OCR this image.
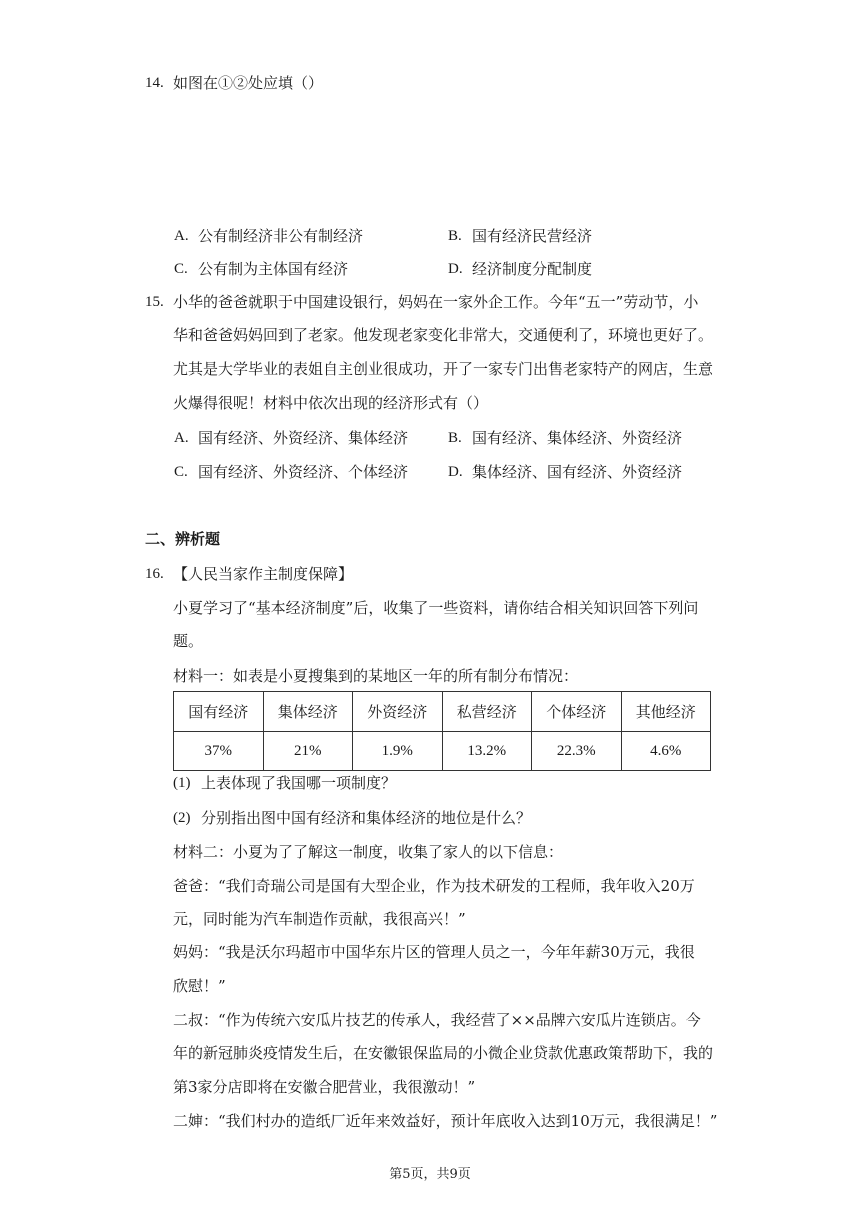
14. 如图在①②处应填（）
A. 公有制经济非公有制经济	B. 国有经济民营经济
C. 公有制为主体国有经济	D. 经济制度分配制度
15. 小华的爸爸就职于中国建设银行，妈妈在一家外企工作。今年“五一”劳动节，小
华和爸爸妈妈回到了老家。他发现老家变化非常大，交通便利了，环境也更好了。
尤其是大学毕业的表姐自主创业很成功，开了一家专门出售老家特产的网店，生意
火爆得很呢！材料中依次出现的经济形式有（）
A. 国有经济、外资经济、集体经济	B. 国有经济、集体经济、外资经济
C. 国有经济、外资经济、个体经济	D. 集体经济、国有经济、外资经济
二、辨析题
16. 【人民当家作主制度保障】
小夏学习了“基本经济制度”后，收集了一些资料，请你结合相关知识回答下列问
题。
材料一：如表是小夏搜集到的某地区一年的所有制分布情况：
国有经济	集体经济	外资经济	私营经济	个体经济	其他经济
37%	21%	1.9%	13.2%	22.3%	4.6%
(1) 上表体现了我国哪一项制度？
(2) 分别指出图中国有经济和集体经济的地位是什么？
材料二：小夏为了了解这一制度，收集了家人的以下信息：
爸爸：“我们奇瑞公司是国有大型企业，作为技术研发的工程师，我年收入20万
元，同时能为汽车制造作贡献，我很高兴！”
妈妈：“我是沃尔玛超市中国华东片区的管理人员之一，今年年薪30万元，我很
欣慰！”
二叔：“作为传统六安瓜片技艺的传承人，我经营了××品牌六安瓜片连锁店。今
年的新冠肺炎疫情发生后，在安徽银保监局的小微企业贷款优惠政策帮助下，我的
第3家分店即将在安徽合肥营业，我很激动！”
二婶：“我们村办的造纸厂近年来效益好，预计年底收入达到10万元，我很满足！”
第5页，共9页
